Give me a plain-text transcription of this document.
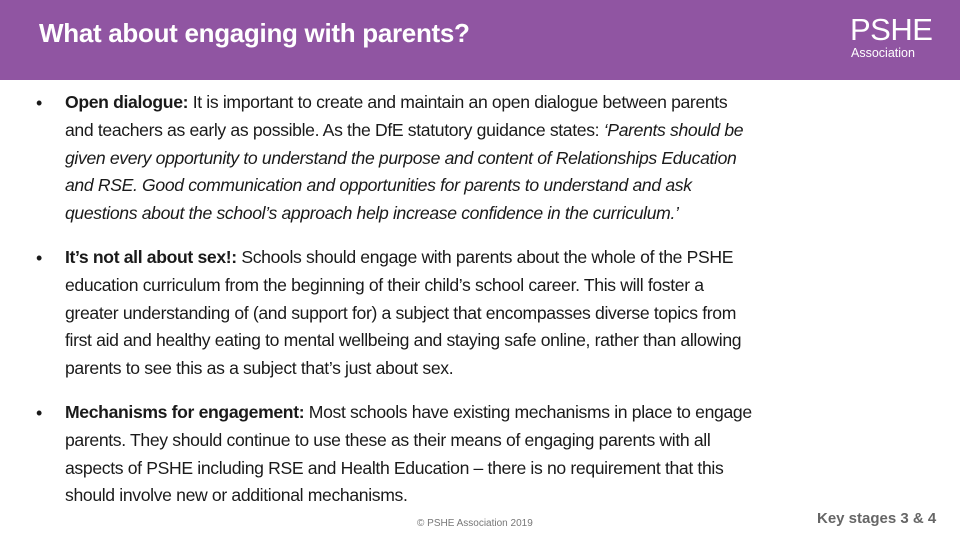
What about engaging with parents?	PSHE
Association
• Open dialogue: It is important to create and maintain an open dialogue between parents
and teachers as early as possible. As the DfE statutory guidance states: ‘Parents should be
given every opportunity to understand the purpose and content of Relationships Education
and RSE. Good communication and opportunities for parents to understand and ask
questions about the school’s approach help increase confidence in the curriculum.’
• It’s not all about sex!: Schools should engage with parents about the whole of the PSHE
education curriculum from the beginning of their child’s school career. This will foster a
greater understanding of (and support for) a subject that encompasses diverse topics from
first aid and healthy eating to mental wellbeing and staying safe online, rather than allowing
parents to see this as a subject that’s just about sex.
• Mechanisms for engagement: Most schools have existing mechanisms in place to engage
parents. They should continue to use these as their means of engaging parents with all
aspects of PSHE including RSE and Health Education – there is no requirement that this
should involve new or additional mechanisms.
© PSHE Association 2019	Key stages 3 & 4
